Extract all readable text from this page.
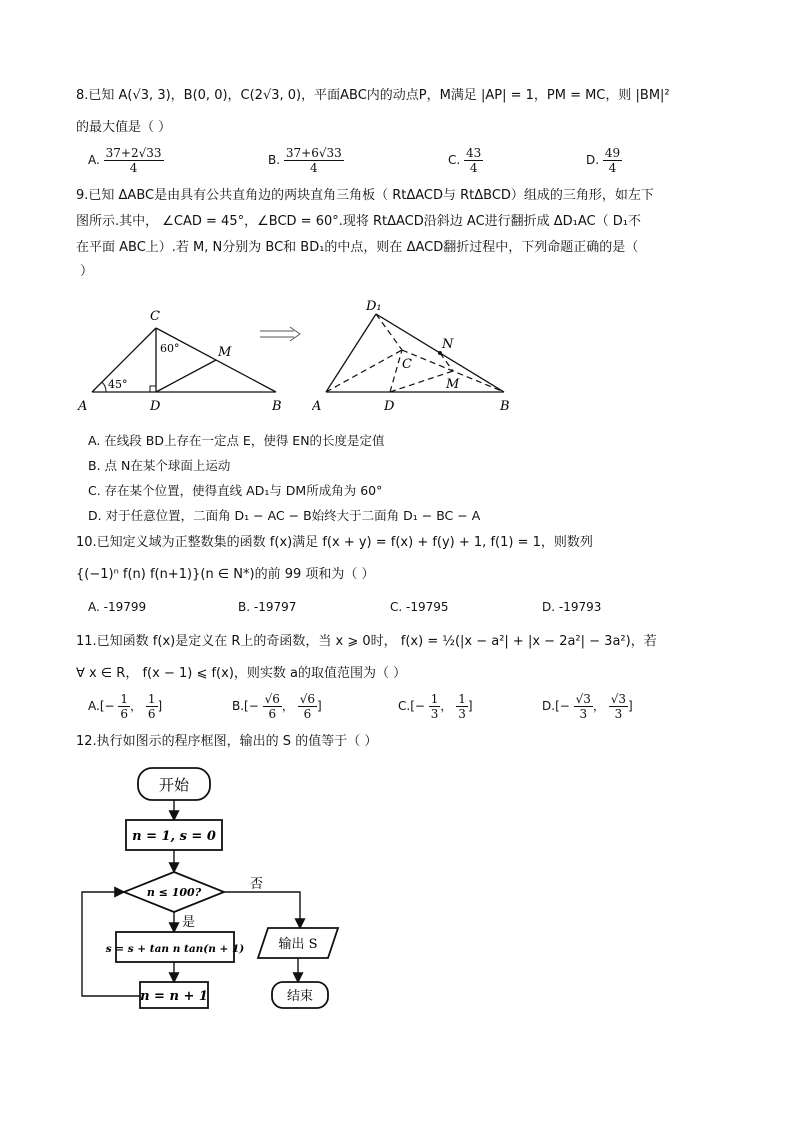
8.已知 A(√3, 3)，B(0, 0)，C(2√3, 0)，平面ABC内的动点P，M满足 |AP| = 1，PM = MC，则 |BM|²
的最大值是（ ）
A. $\frac{37+2√33}{4}$	B. $\frac{37+6√33}{4}$	C. $\frac{43}{4}$	D. $\frac{49}{4}$
9.已知 ΔABC是由具有公共直角边的两块直角三角板（ RtΔACD与 RtΔBCD）组成的三角形，如左下
图所示.其中， ∠CAD = 45°，∠BCD = 60°.现将 RtΔACD沿斜边 AC进行翻折成 ΔD₁AC（ D₁不
在平面 ABC上）.若 M, N分别为 BC和 BD₁的中点，则在 ΔACD翻折过程中，下列命题正确的是（
）
C
A	D	B
M
60°
45°
D₁
A	D	B
C
N
M
A. 在线段 BD上存在一定点 E，使得 EN的长度是定值
B. 点 N在某个球面上运动
C. 存在某个位置，使得直线 AD₁与 DM所成角为 60°
D. 对于任意位置，二面角 D₁ − AC − B始终大于二面角 D₁ − BC − A
10.已知定义域为正整数集的函数 f(x)满足 f(x + y) = f(x) + f(y) + 1, f(1) = 1，则数列
{(−1)ⁿ f(n) f(n+1)}(n ∈ N*)的前 99 项和为（ ）
A. -19799	B. -19797	C. -19795	D. -19793
11.已知函数 f(x)是定义在 R上的奇函数，当 x ⩾ 0时， f(x) = ½(|x − a²| + |x − 2a²| − 3a²)，若
∀ x ∈ R， f(x − 1) ⩽ f(x)，则实数 a的取值范围为（ ）
$A.[- \frac{1}{6}$ ， $\frac{1}{6}$ ]	$B.[- \frac{√6}{6}$ ， $\frac{√6}{6}$ ]	$C.[- \frac{1}{3}$ ， $\frac{1}{3}$ ]	$D.[- \frac{√3}{3}$ ， $\frac{√3}{3}$ ]
12.执行如图示的程序框图，输出的 S 的值等于（ ）
开始
n = 1, s = 0
n ≤ 100?
否
是
s = s + tan n tan(n + 1)
n = n + 1
输出 S
结束
